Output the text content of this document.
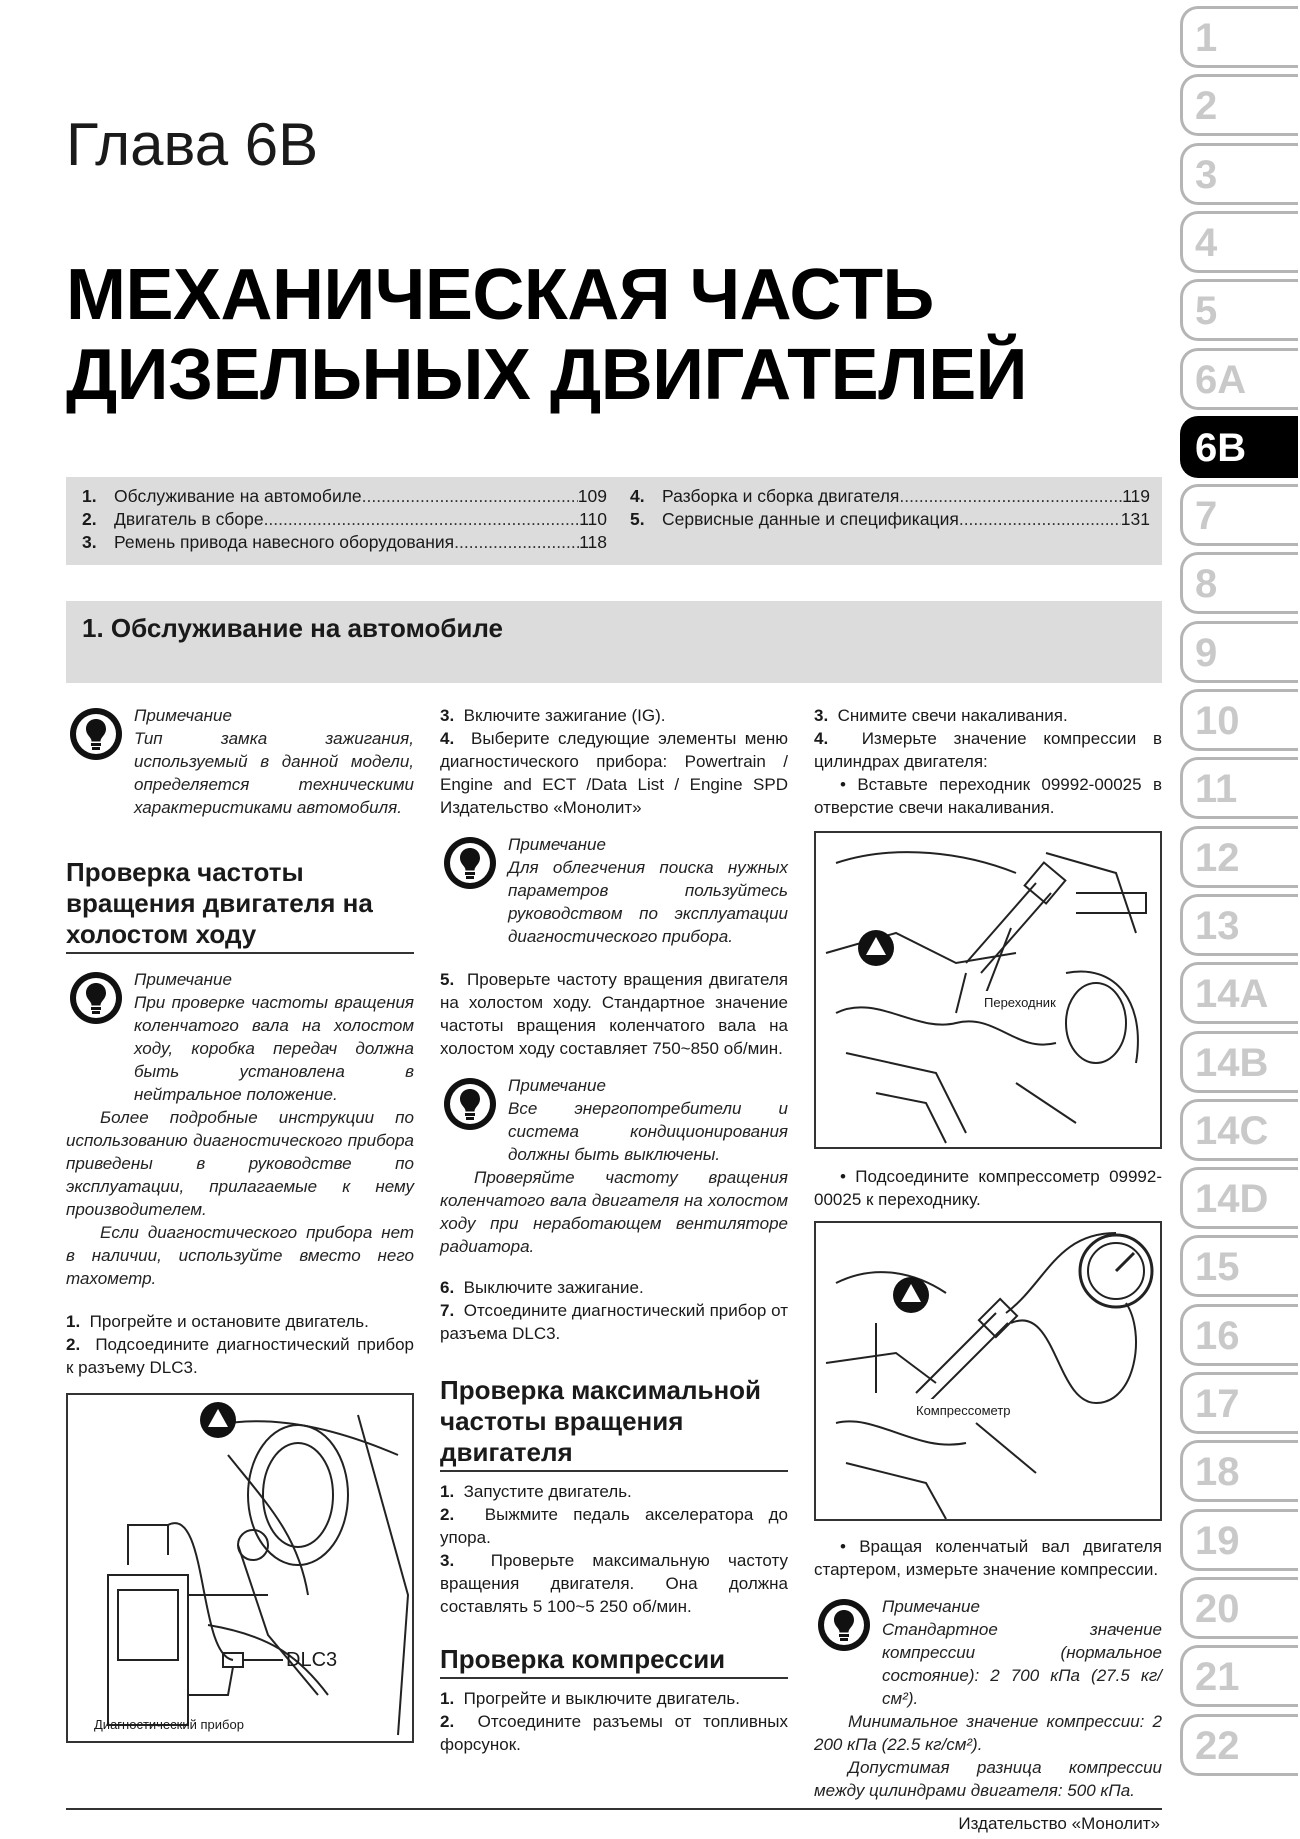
Глава 6В
МЕХАНИЧЕСКАЯ ЧАСТЬ
ДИЗЕЛЬНЫХ ДВИГАТЕЛЕЙ
1
2
3
4
5
6А
6В
7
8
9
10
11
12
13
14А
14В
14С
14D
15
16
17
18
19
20
21
22
1. Обслуживание на автомобиле .....	109
2. Двигатель в сборе .....	110
3. Ремень привода навесного оборудования .....	118
4. Разборка и сборка двигателя .....	119
5. Сервисные данные и спецификация .....	131
1. Обслуживание на автомобиле
Примечание

Тип замка зажигания, используемый в данной модели, определяется техническими характеристиками автомобиля.

Проверка частоты вращения двигателя на холостом ходу
Примечание

При проверке частоты вращения коленчатого вала на холостом ходу, коробка передач должна быть установлена в нейтральное положение.

Более подробные инструкции по использованию диагностического прибора приведены в руководстве по эксплуатации, прилагаемые к нему производителем.

Если диагностического прибора нет в наличии, используйте вместо него тахометр.

1. Прогрейте и остановите двигатель.

2. Подсоедините диагностический прибор к разъему DLC3.

DLC3
Диагностический прибор

3. Включите зажигание (IG).

4. Выберите следующие элементы меню диагностического прибора: Powertrain / Engine and ECT /Data List / Engine SPD Издательство «Монолит»

Примечание

Для облегчения поиска нужных параметров пользуйтесь руководством по эксплуатации диагностического прибора.

5. Проверьте частоту вращения двигателя на холостом ходу. Стандартное значение частоты вращения коленчатого вала на холостом ходу составляет 750~850 об/мин.

Примечание

Все энергопотребители и система кондиционирования должны быть выключены.

Проверяйте частоту вращения коленчатого вала двигателя на холостом ходу при неработающем вентиляторе радиатора.

6. Выключите зажигание.

7. Отсоедините диагностический прибор от разъема DLC3.

Проверка максимальной частоты вращения двигателя

1. Запустите двигатель.

2. Выжмите педаль акселератора до упора.

3. Проверьте максимальную частоту вращения двигателя. Она должна составлять 5 100~5 250 об/мин.

Проверка компрессии

1. Прогрейте и выключите двигатель.

2. Отсоедините разъемы от топливных форсунок.

3. Снимите свечи накаливания.

4. Измерьте значение компрессии в цилиндрах двигателя:

• Вставьте переходник 09992-00025 в отверстие свечи накаливания.

Переходник

• Подсоедините компрессометр 09992-00025 к переходнику.

Компрессометр

• Вращая коленчатый вал двигателя стартером, измерьте значение компрессии.

Примечание

Стандартное значение компрессии (нормальное состояние): 2 700 кПа (27.5 кг/см²).

Минимальное значение компрессии: 2 200 кПа (22.5 кг/см²).

Допустимая разница компрессии между цилиндрами двигателя: 500 кПа.

Издательство «Монолит»
